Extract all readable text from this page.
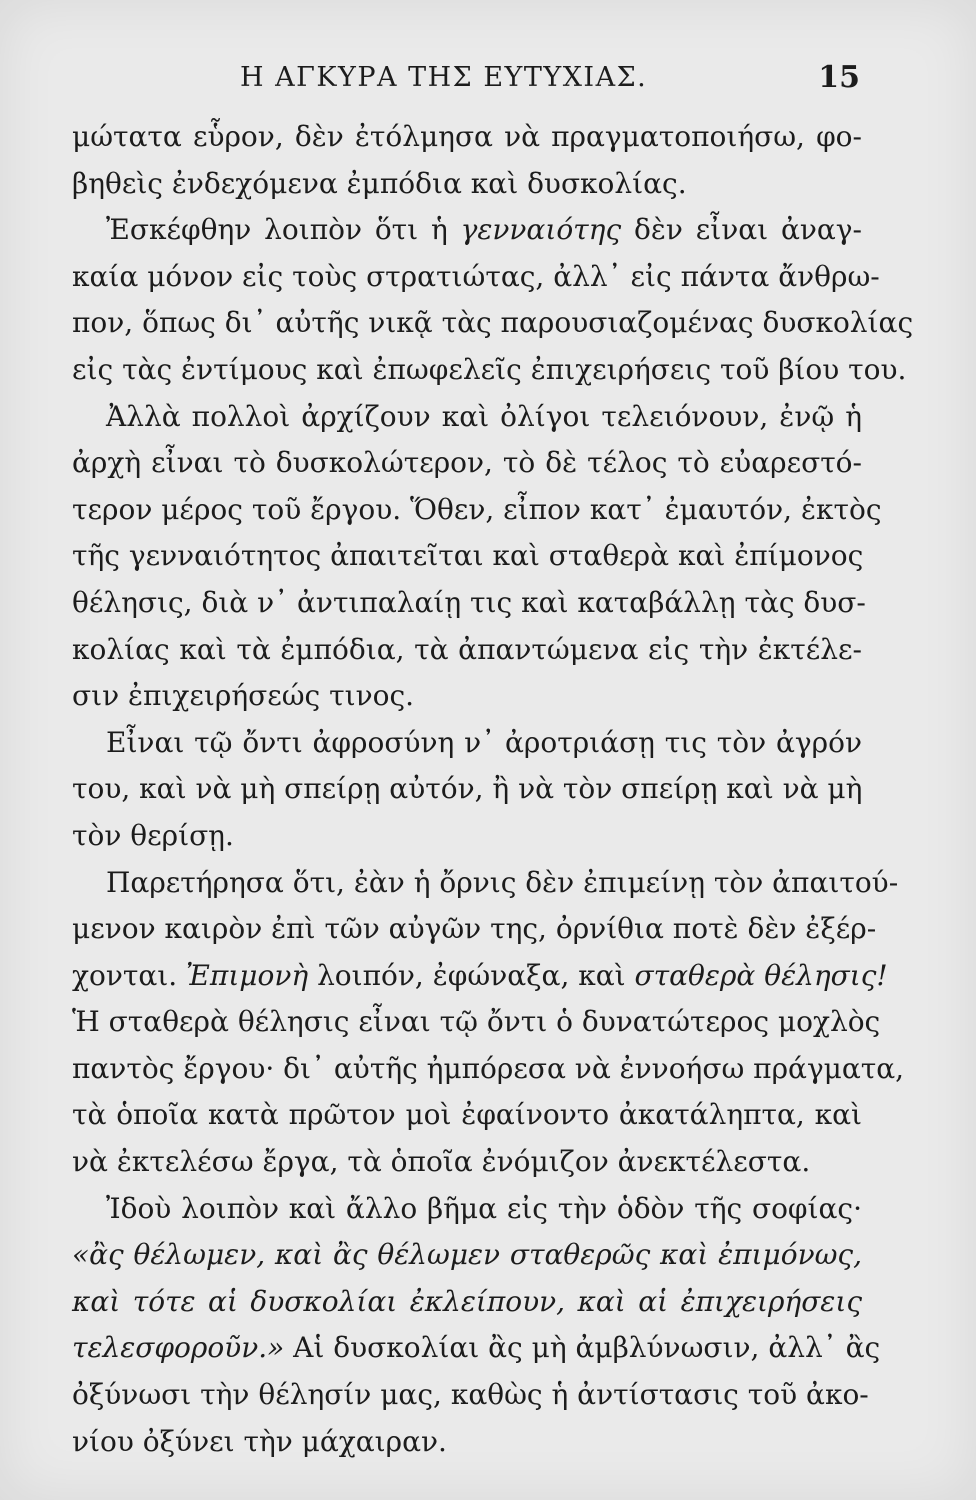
Η ΑΓΚΥΡΑ ΤΗΣ ΕΥΤΥΧΙΑΣ.	15
μώτατα εὗρον, δὲν ἐτόλμησα νὰ πραγματοποιήσω, φο-
βηθεὶς ἐνδεχόμενα ἐμπόδια καὶ δυσκολίας.
Ἐσκέφθην λοιπὸν ὅτι ἡ γενναιότης δὲν εἶναι ἀναγ-
καία μόνον εἰς τοὺς στρατιώτας, ἀλλ᾽ εἰς πάντα ἄνθρω-
πον, ὅπως δι᾽ αὐτῆς νικᾷ τὰς παρουσιαζομένας δυσκολίας
εἰς τὰς ἐντίμους καὶ ἐπωφελεῖς ἐπιχειρήσεις τοῦ βίου του.
Ἀλλὰ πολλοὶ ἀρχίζουν καὶ ὀλίγοι τελειόνουν, ἐνῷ ἡ
ἀρχὴ εἶναι τὸ δυσκολώτερον, τὸ δὲ τέλος τὸ εὐαρεστό-
τερον μέρος τοῦ ἔργου. Ὅθεν, εἶπον κατ᾽ ἐμαυτόν, ἐκτὸς
τῆς γενναιότητος ἀπαιτεῖται καὶ σταθερὰ καὶ ἐπίμονος
θέλησις, διὰ ν᾽ ἀντιπαλαίῃ τις καὶ καταβάλλῃ τὰς δυσ-
κολίας καὶ τὰ ἐμπόδια, τὰ ἀπαντώμενα εἰς τὴν ἐκτέλε-
σιν ἐπιχειρήσεώς τινος.
Εἶναι τῷ ὄντι ἀφροσύνη ν᾽ ἀροτριάσῃ τις τὸν ἀγρόν
του, καὶ νὰ μὴ σπείρῃ αὐτόν, ἢ νὰ τὸν σπείρῃ καὶ νὰ μὴ
τὸν θερίσῃ.
Παρετήρησα ὅτι, ἐὰν ἡ ὄρνις δὲν ἐπιμείνῃ τὸν ἀπαιτού-
μενον καιρὸν ἐπὶ τῶν αὐγῶν της, ὀρνίθια ποτὲ δὲν ἐξέρ-
χονται. Ἐπιμονὴ λοιπόν, ἐφώναξα, καὶ σταθερὰ θέλησις!
Ἡ σταθερὰ θέλησις εἶναι τῷ ὄντι ὁ δυνατώτερος μοχλὸς
παντὸς ἔργου· δι᾽ αὐτῆς ἠμπόρεσα νὰ ἐννοήσω πράγματα,
τὰ ὁποῖα κατὰ πρῶτον μοὶ ἐφαίνοντο ἀκατάληπτα, καὶ
νὰ ἐκτελέσω ἔργα, τὰ ὁποῖα ἐνόμιζον ἀνεκτέλεστα.
Ἰδοὺ λοιπὸν καὶ ἄλλο βῆμα εἰς τὴν ὁδὸν τῆς σοφίας·
«ἂς θέλωμεν, καὶ ἂς θέλωμεν σταθερῶς καὶ ἐπιμόνως,
καὶ τότε αἱ δυσκολίαι ἐκλείπουν, καὶ αἱ ἐπιχειρήσεις
τελεσφοροῦν.» Αἱ δυσκολίαι ἂς μὴ ἀμβλύνωσιν, ἀλλ᾽ ἂς
ὀξύνωσι τὴν θέλησίν μας, καθὼς ἡ ἀντίστασις τοῦ ἀκο-
νίου ὀξύνει τὴν μάχαιραν.
